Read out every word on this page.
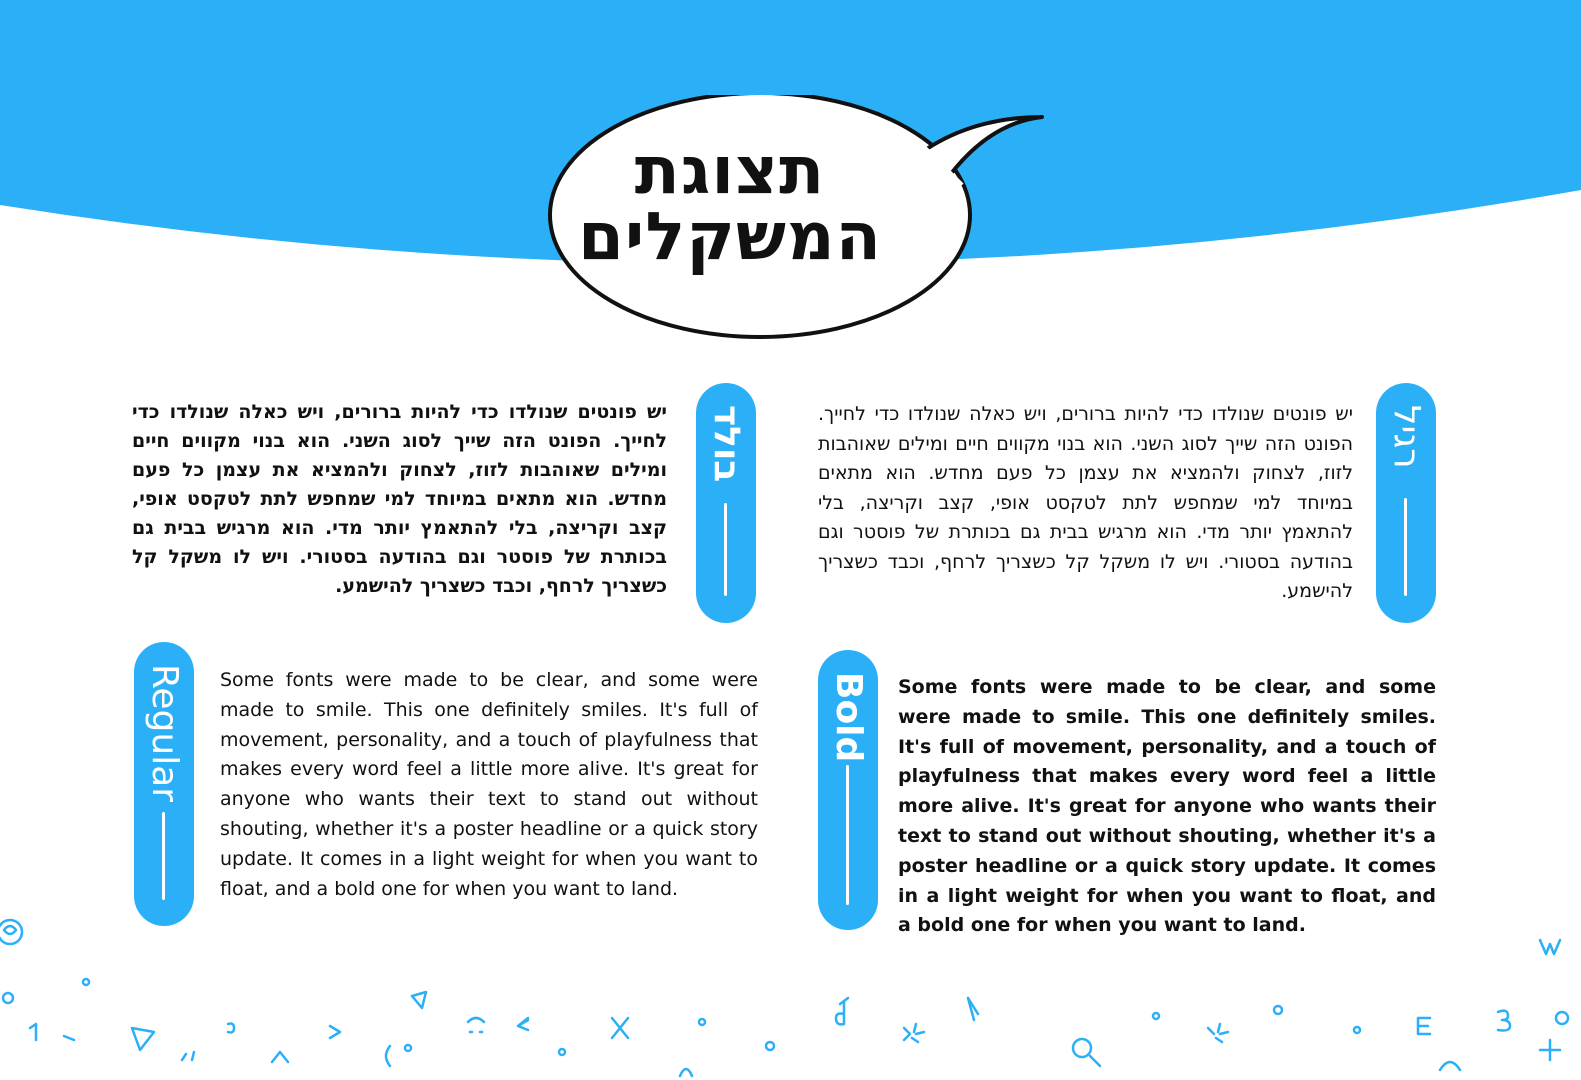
תצוגת
המשקלים
רגיל
בולד
Regular	Bold
יש פונטים שנולדו כדי להיות ברורים, ויש כאלה שנולדו כדי לחייך. הפונט הזה שייך לסוג השני. הוא בנוי מקווים חיים ומילים שאוהבות לזוז, לצחוק ולהמציא את עצמן כל פעם מחדש. הוא מתאים במיוחד למי שמחפש לתת לטקסט אופי, קצב וקריצה, בלי להתאמץ יותר מדי. הוא מרגיש בבית גם בכותרת של פוסטר וגם בהודעה בסטורי. ויש לו משקל קל כשצריך לרחף, וכבד כשצריך להישמע.
יש פונטים שנולדו כדי להיות ברורים, ויש כאלה שנולדו כדי לחייך. הפונט הזה שייך לסוג השני. הוא בנוי מקווים חיים ומילים שאוהבות לזוז, לצחוק ולהמציא את עצמן כל פעם מחדש. הוא מתאים במיוחד למי שמחפש לתת לטקסט אופי, קצב וקריצה, בלי להתאמץ יותר מדי. הוא מרגיש בבית גם בכותרת של פוסטר וגם בהודעה בסטורי. ויש לו משקל קל כשצריך לרחף, וכבד כשצריך להישמע.
Some fonts were made to be clear, and some were made to smile. This one definitely smiles. It's full of movement, personality, and a touch of playfulness that makes every word feel a little more alive. It's great for anyone who wants their text to stand out without shouting, whether it's a poster headline or a quick story update. It comes in a light weight for when you want to float, and a bold one for when you want to land.
Some fonts were made to be clear, and some were made to smile. This one definitely smiles. It's full of movement, personality, and a touch of playfulness that makes every word feel a little more alive. It's great for anyone who wants their text to stand out without shouting, whether it's a poster headline or a quick story update. It comes in a light weight for when you want to float, and a bold one for when you want to land.
